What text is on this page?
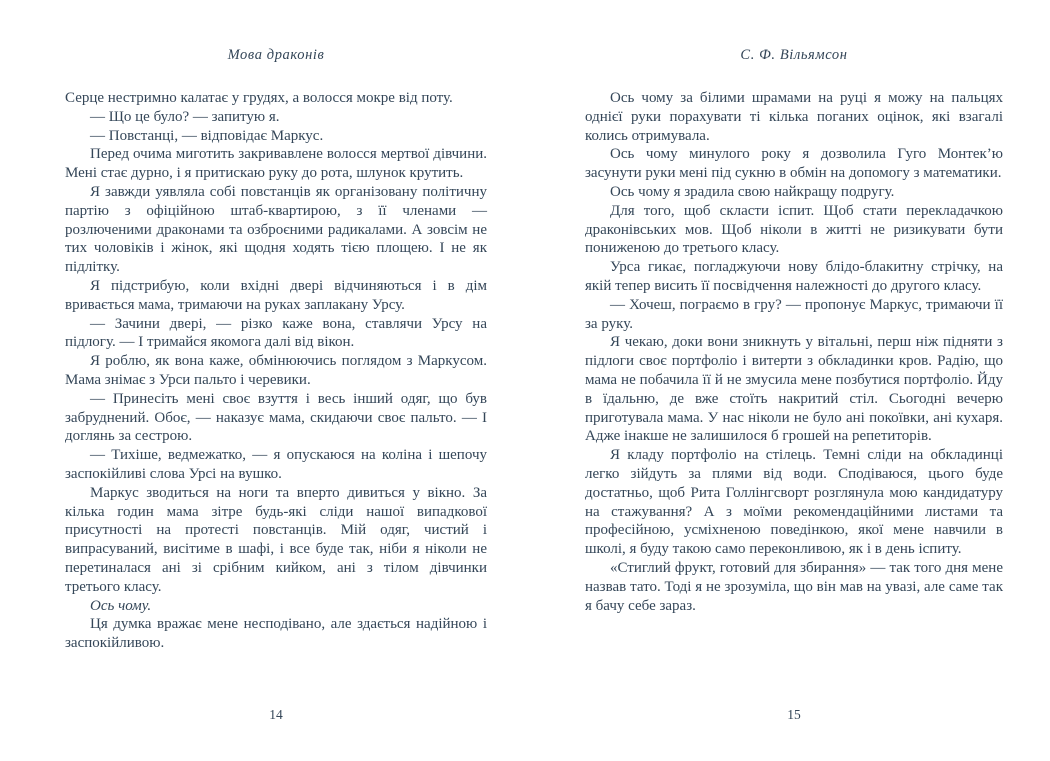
Мова драконів	С. Ф. Вільямсон

Серце нестримно калатає у грудях, а волосся мокре від поту.

— Що це було? — запитую я.

— Повстанці, — відповідає Маркус.

Перед очима миготить закривавлене волосся мертвої дівчини. Мені стає дурно, і я притискаю руку до рота, шлунок крутить.

Я завжди уявляла собі повстанців як організовану політичну партію з офіційною штаб-квартирою, з її членами — розлюченими драконами та озброєними радикалами. А зовсім не тих чоловіків і жінок, які щодня ходять тією площею. І не як підлітку.

Я підстрибую, коли вхідні двері відчиняються і в дім вривається мама, тримаючи на руках заплакану Урсу.

— Зачини двері, — різко каже вона, ставлячи Урсу на підлогу. — І тримайся якомога далі від вікон.

Я роблю, як вона каже, обмінюючись поглядом з Маркусом. Мама знімає з Урси пальто і черевики.

— Принесіть мені своє взуття і весь інший одяг, що був забруднений. Обоє, — наказує мама, скидаючи своє пальто. — І доглянь за сестрою.

— Тихіше, ведмежатко, — я опускаюся на коліна і шепочу заспокійливі слова Урсі на вушко.

Маркус зводиться на ноги та вперто дивиться у вікно. За кілька годин мама зітре будь-які сліди нашої випадкової присутності на протесті повстанців. Мій одяг, чистий і випрасуваний, висітиме в шафі, і все буде так, ніби я ніколи не перетиналася ані зі срібним кийком, ані з тілом дівчинки третього класу.

Ось чому.

Ця думка вражає мене несподівано, але здається надійною і заспокійливою.

Ось чому за білими шрамами на руці я можу на пальцях однієї руки порахувати ті кілька поганих оцінок, які взагалі колись отримувала.

Ось чому минулого року я дозволила Гуго Монтек’ю засунути руки мені під сукню в обмін на допомогу з математики.

Ось чому я зрадила свою найкращу подругу.

Для того, щоб скласти іспит. Щоб стати перекладачкою драконівських мов. Щоб ніколи в житті не ризикувати бути пониженою до третього класу.

Урса гикає, погладжуючи нову блідо-блакитну стрічку, на якій тепер висить її посвідчення належності до другого класу.

— Хочеш, пограємо в гру? — пропонує Маркус, тримаючи її за руку.

Я чекаю, доки вони зникнуть у вітальні, перш ніж підняти з підлоги своє портфоліо і витерти з обкладинки кров. Радію, що мама не побачила її й не змусила мене позбутися портфоліо. Йду в їдальню, де вже стоїть накритий стіл. Сьогодні вечерю приготувала мама. У нас ніколи не було ані покоївки, ані кухаря. Адже інакше не залишилося б грошей на репетиторів.

Я кладу портфоліо на стілець. Темні сліди на обкладинці легко зійдуть за плями від води. Сподіваюся, цього буде достатньо, щоб Рита Голлінгсворт розглянула мою кандидатуру на стажування? А з моїми рекомендаційними листами та професійною, усміхненою поведінкою, якої мене навчили в школі, я буду такою само переконливою, як і в день іспиту.

«Стиглий фрукт, готовий для збирання» — так того дня мене назвав тато. Тоді я не зрозуміла, що він мав на увазі, але саме так я бачу себе зараз.

14	15
